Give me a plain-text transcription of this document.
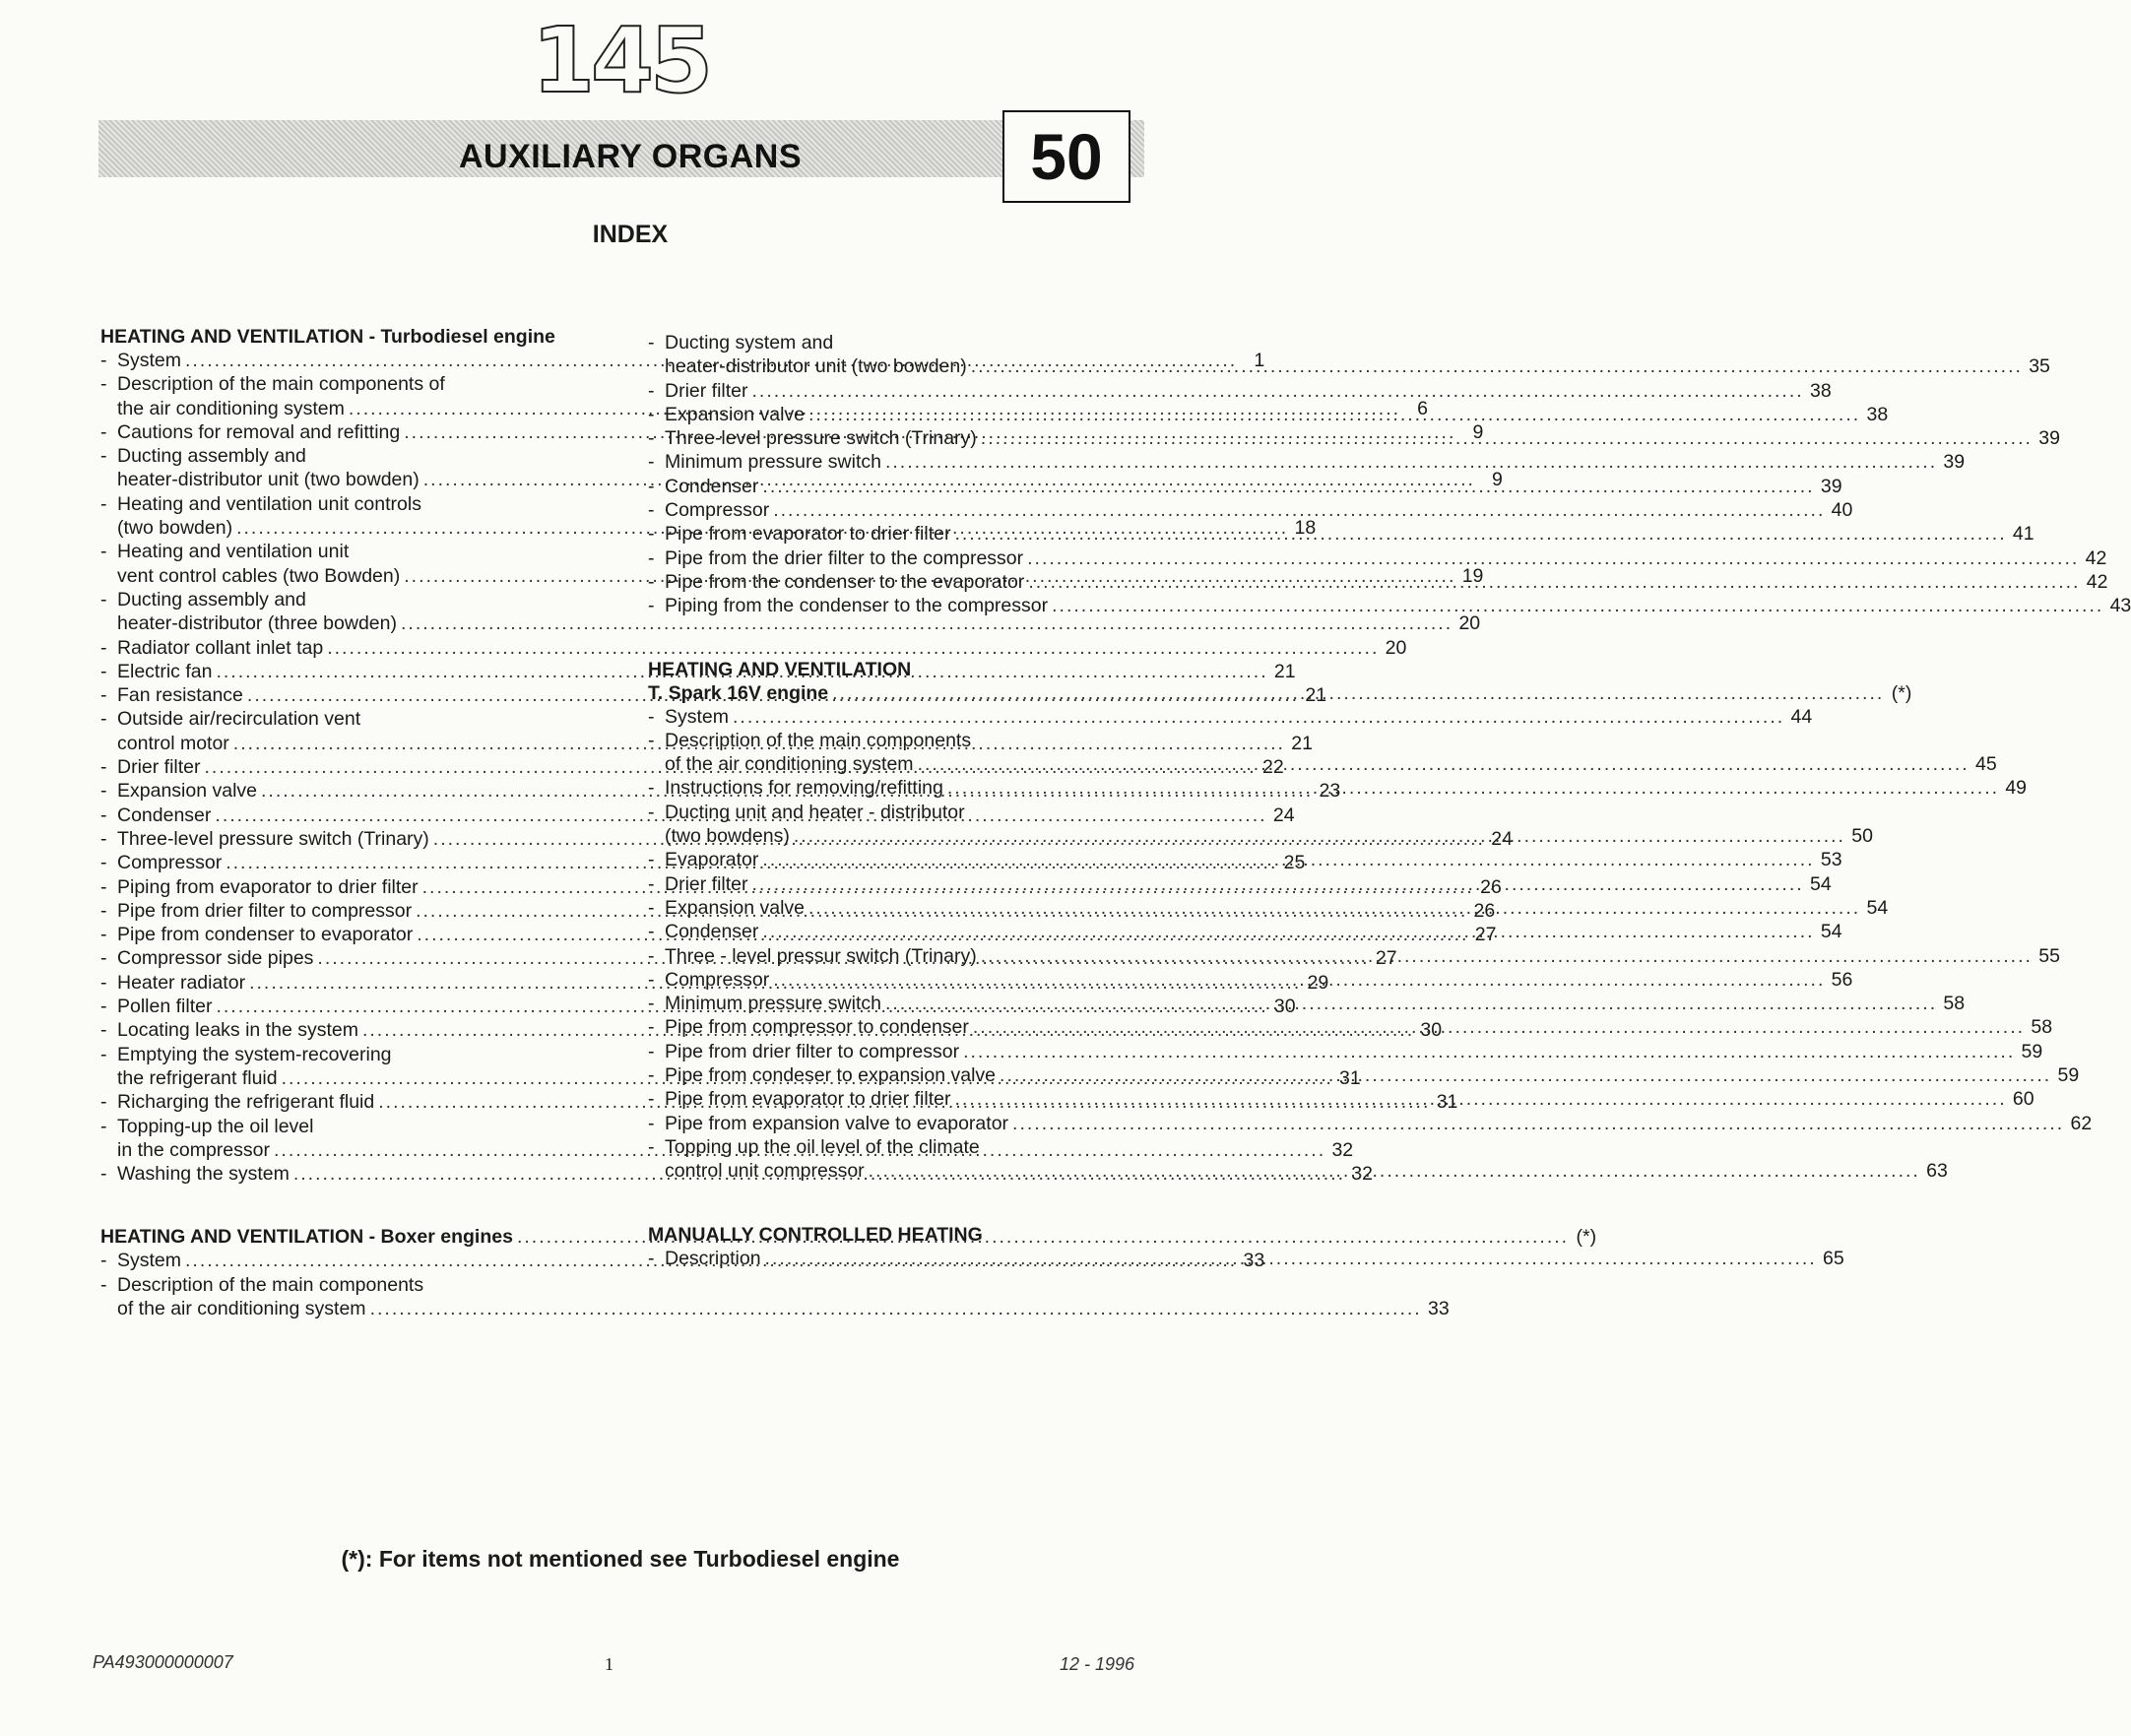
145
AUXILIARY ORGANS	50
INDEX
HEATING AND VENTILATION - Turbodiesel engine
- System .....	1
- Description of the main components of
the air conditioning system .....	6
- Cautions for removal and refitting .....	9
- Ducting assembly and
heater-distributor unit (two bowden) .....	9
- Heating and ventilation unit controls
(two bowden) .....	18
- Heating and ventilation unit
vent control cables (two Bowden) .....	19
- Ducting assembly and
heater-distributor (three bowden) .....	20
- Radiator collant inlet tap .....	20
- Electric fan .....	21
- Fan resistance .....	21
- Outside air/recirculation vent
control motor .....	21
- Drier filter .....	22
- Expansion valve .....	23
- Condenser .....	24
- Three-level pressure switch (Trinary) .....	24
- Compressor .....	25
- Piping from evaporator to drier filter .....	26
- Pipe from drier filter to compressor .....	26
- Pipe from condenser to evaporator .....	27
- Compressor side pipes .....	27
- Heater radiator .....	29
- Pollen filter .....	30
- Locating leaks in the system .....	30
- Emptying the system-recovering
the refrigerant fluid .....	31
- Richarging the refrigerant fluid .....	31
- Topping-up the oil level
in the compressor .....	32
- Washing the system .....	32
HEATING AND VENTILATION - Boxer engines .....	(*)
- System .....	33
- Description of the main components
of the air conditioning system .....	33
- Ducting system and
heater-distributor unit (two bowden) .....	35
- Drier filter .....	38
- Expansion valve .....	38
- Three-level pressure switch (Trinary) .....	39
- Minimum pressure switch .....	39
- Condenser .....	39
- Compressor .....	40
- Pipe from evaporator to drier filter .....	41
- Pipe from the drier filter to the compressor .....	42
- Pipe from the condenser to the evaporator .....	42
- Piping from the condenser to the compressor .....	43
HEATING AND VENTILATION
T. Spark 16V engine .....	(*)
- System .....	44
- Description of the main components
of the air conditioning system .....	45
- Instructions for removing/refitting .....	49
- Ducting unit and heater - distributor
(two bowdens) .....	50
- Evaporator .....	53
- Drier filter .....	54
- Expansion valve .....	54
- Condenser .....	54
- Three - level pressur switch (Trinary) .....	55
- Compressor .....	56
- Minimum pressure switch .....	58
- Pipe from compressor to condenser .....	58
- Pipe from drier filter to compressor .....	59
- Pipe from condeser to expansion valve .....	59
- Pipe from evaporator to drier filter .....	60
- Pipe from expansion valve to evaporator .....	62
- Topping up the oil level of the climate
control unit compressor .....	63
MANUALLY CONTROLLED HEATING
- Description .....	65
(*): For items not mentioned see Turbodiesel engine
PA493000000007	1	12 - 1996
